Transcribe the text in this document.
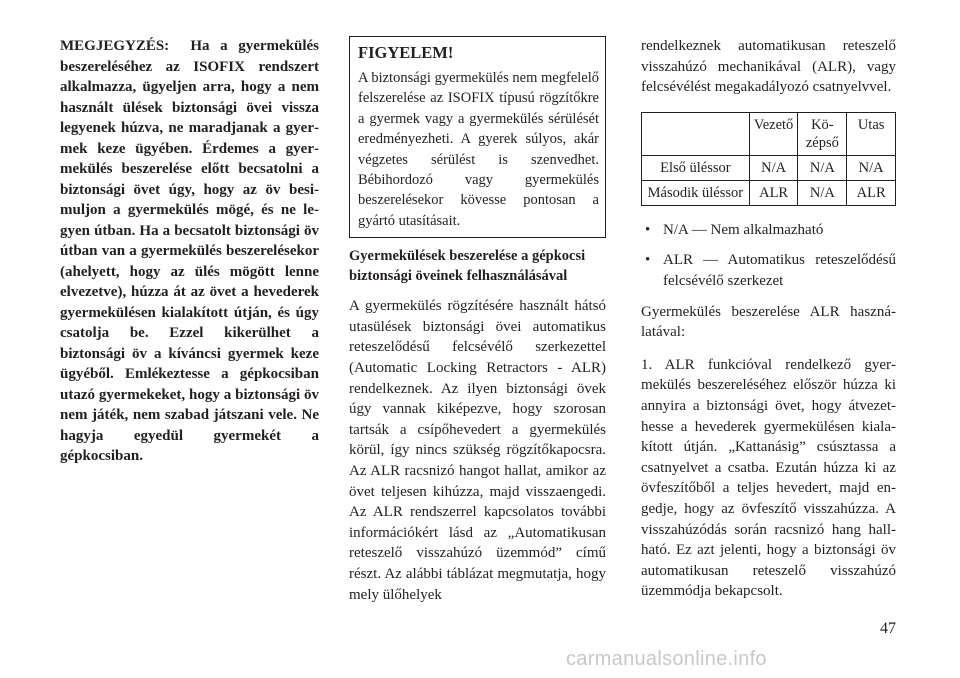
MEGJEGYZÉS: Ha a gyermekülés beszereléséhez az ISOFIX rendszert alkalmazza, ügyeljen arra, hogy a nem használt ülések biztonsági övei vissza legyenek húzva, ne maradjanak a gyermek keze ügyében. Érdemes a gyermekülés beszerelése előtt becsatolni a biztonsági övet úgy, hogy az öv besimuljon a gyermekülés mögé, és ne legyen útban. Ha a becsatolt biztonsági öv útban van a gyermekülés beszerelésekor (ahelyett, hogy az ülés mögött lenne elvezetve), húzza át az övet a hevederek gyermekülésen kialakított útján, és úgy csatolja be. Ezzel kikerülhet a biztonsági öv a kíváncsi gyermek keze ügyéből. Emlékeztesse a gépkocsiban utazó gyermekeket, hogy a biztonsági öv nem játék, nem szabad játszani vele. Ne hagyja egyedül gyermekét a gépkocsiban.

FIGYELEM!

A biztonsági gyermekülés nem megfelelő felszerelése az ISOFIX típusú rögzítőkre a gyermek vagy a gyermekülés sérülését eredményezheti. A gyerek súlyos, akár végzetes sérülést is szenvedhet. Bébihordozó vagy gyermekülés beszerelésekor kövesse pontosan a gyártó utasításait.

Gyermekülések beszerelése a gépkocsi biztonsági öveinek felhasználásával

A gyermekülés rögzítésére használt hátsó utasülések biztonsági övei automatikus reteszelődésű felcsévélő szerkezettel (Automatic Locking Retractors - ALR) rendelkeznek. Az ilyen biztonsági övek úgy vannak kiképezve, hogy szorosan tartsák a csípőhevedert a gyermekülés körül, így nincs szükség rögzítőkapocsra. Az ALR racsnizó hangot hallat, amikor az övet teljesen kihúzza, majd visszaengedi. Az ALR rendszerrel kapcsolatos további információkért lásd az „Automatikusan reteszelő visszahúzó üzemmód” című részt. Az alábbi táblázat megmutatja, hogy mely ülőhelyek

rendelkeznek automatikusan reteszelő visszahúzó mechanikával (ALR), vagy felcsévélést megakadályozó csatnyelvvel.

	Vezető	Középső	Utas
Első üléssor	N/A	N/A	N/A
Második üléssor	ALR	N/A	ALR
• N/A — Nem alkalmazható
• ALR — Automatikus reteszelődésű felcsévélő szerkezet

Gyermekülés beszerelése ALR használatával:

1. ALR funkcióval rendelkező gyermekülés beszereléséhez először húzza ki annyira a biztonsági övet, hogy átvezethesse a hevederek gyermekülésen kialakított útján. „Kattanásig” csúsztassa a csatnyelvet a csatba. Ezután húzza ki az övfeszítőből a teljes hevedert, majd engedje, hogy az övfeszítő visszahúzza. A visszahúzódás során racsnizó hang hallható. Ez azt jelenti, hogy a biztonsági öv automatikusan reteszelő visszahúzó üzemmódja bekapcsolt.

47
carmanualsonline.info
